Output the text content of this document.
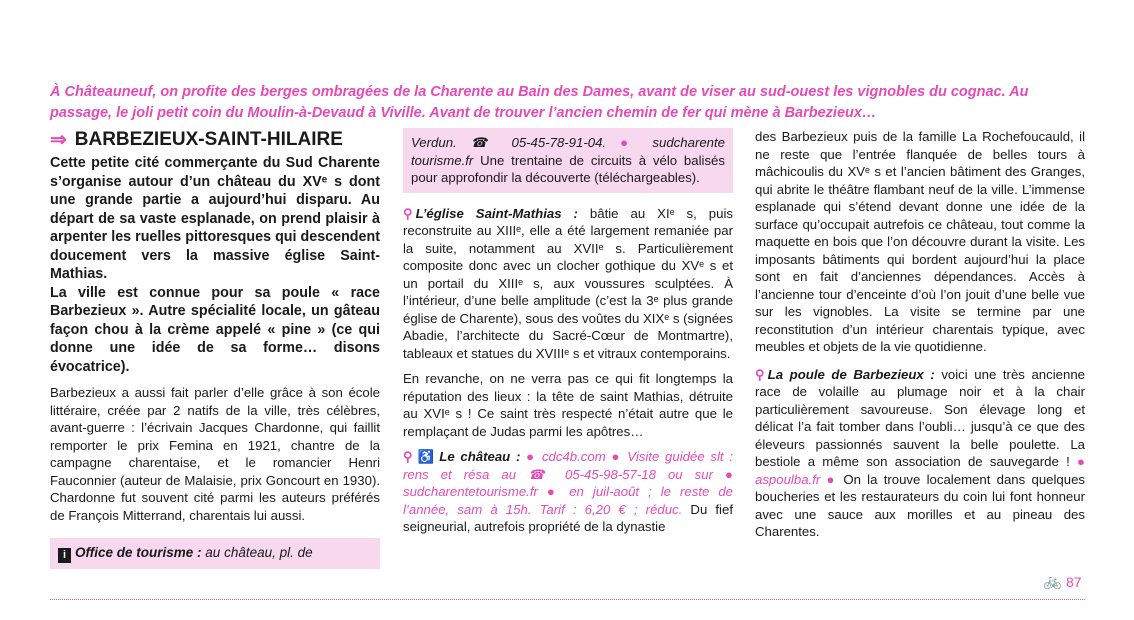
À Châteauneuf, on profite des berges ombragées de la Charente au Bain des Dames, avant de viser au sud-ouest les vignobles du cognac. Au passage, le joli petit coin du Moulin-à-Devaud à Viville. Avant de trouver l’ancien chemin de fer qui mène à Barbezieux…

⇒ BARBEZIEUX-SAINT-HILAIRE

Cette petite cité commerçante du Sud Charente s’organise autour d’un château du XVᵉ s dont une grande partie a aujourd’hui disparu. Au départ de sa vaste esplanade, on prend plaisir à arpenter les ruelles pittoresques qui descendent doucement vers la massive église Saint-Mathias.

La ville est connue pour sa poule « race Barbezieux ». Autre spécialité locale, un gâteau façon chou à la crème appelé « pine » (ce qui donne une idée de sa forme… disons évocatrice).

Barbezieux a aussi fait parler d’elle grâce à son école littéraire, créée par 2 natifs de la ville, très célèbres, avant-guerre : l’écrivain Jacques Chardonne, qui faillit remporter le prix Femina en 1921, chantre de la campagne charentaise, et le romancier Henri Fauconnier (auteur de Malaisie, prix Goncourt en 1930). Chardonne fut souvent cité parmi les auteurs préférés de François Mitterrand, charentais lui aussi.

i Office de tourisme : au château, pl. de
Verdun. ☎ 05-45-78-91-04. ● sudcharente tourisme.fr Une trentaine de circuits à vélo balisés pour approfondir la découverte (téléchargeables).

⚲ L’église Saint-Mathias : bâtie au XIᵉ s, puis reconstruite au XIIIᵉ, elle a été largement remaniée par la suite, notamment au XVIIᵉ s. Particulièrement composite donc avec un clocher gothique du XVᵉ s et un portail du XIIIᵉ s, aux voussures sculptées. À l’intérieur, d’une belle amplitude (c’est la 3ᵉ plus grande église de Charente), sous des voûtes du XIXᵉ s (signées Abadie, l’architecte du Sacré-Cœur de Montmartre), tableaux et statues du XVIIIᵉ s et vitraux contemporains.

En revanche, on ne verra pas ce qui fit longtemps la réputation des lieux : la tête de saint Mathias, détruite au XVIᵉ s ! Ce saint très respecté n’était autre que le remplaçant de Judas parmi les apôtres…

⚲ ♿ Le château : ● cdc4b.com ● Visite guidée slt : rens et résa au ☎ 05-45-98-57-18 ou sur ● sudcharentetourisme.fr ● en juil-août ; le reste de l’année, sam à 15h. Tarif : 6,20 € ; réduc. Du fief seigneurial, autrefois propriété de la dynastie

des Barbezieux puis de la famille La Rochefoucauld, il ne reste que l’entrée flanquée de belles tours à mâchicoulis du XVᵉ s et l’ancien bâtiment des Granges, qui abrite le théâtre flambant neuf de la ville. L’immense esplanade qui s’étend devant donne une idée de la surface qu’occupait autrefois ce château, tout comme la maquette en bois que l’on découvre durant la visite. Les imposants bâtiments qui bordent aujourd’hui la place sont en fait d’anciennes dépendances. Accès à l’ancienne tour d’enceinte d’où l’on jouit d’une belle vue sur les vignobles. La visite se termine par une reconstitution d’un intérieur charentais typique, avec meubles et objets de la vie quotidienne.

⚲ La poule de Barbezieux : voici une très ancienne race de volaille au plumage noir et à la chair particulièrement savoureuse. Son élevage long et délicat l’a fait tomber dans l’oubli… jusqu’à ce que des éleveurs passionnés sauvent la belle poulette. La bestiole a même son association de sauvegarde ! ● aspoulba.fr ● On la trouve localement dans quelques boucheries et les restaurateurs du coin lui font honneur avec une sauce aux morilles et au pineau des Charentes.

🚲 87
